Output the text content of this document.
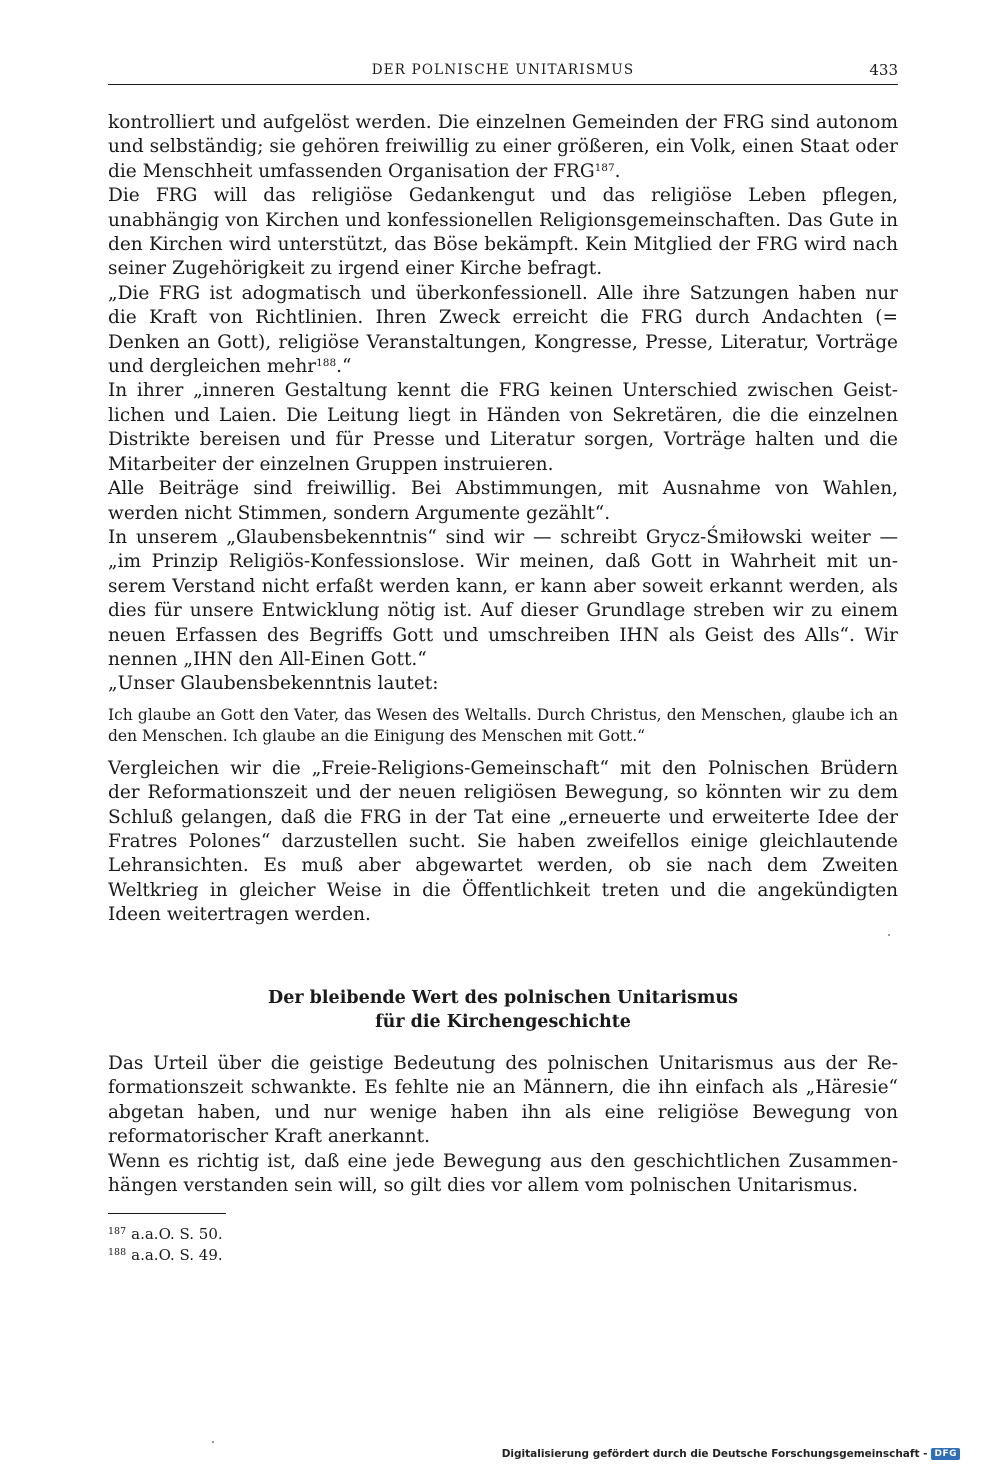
DER POLNISCHE UNITARISMUS	433

kontrolliert und aufgelöst werden. Die einzelnen Gemeinden der FRG sind autonom und selbständig; sie gehören freiwillig zu einer größeren, ein Volk, einen Staat oder die Menschheit umfassenden Organisation der FRG$^{187}$.

Die FRG will das religiöse Gedankengut und das religiöse Leben pflegen, unabhängig von Kirchen und konfessionellen Religionsgemeinschaften. Das Gute in den Kirchen wird unterstützt, das Böse bekämpft. Kein Mitglied der FRG wird nach seiner Zugehörigkeit zu irgend einer Kirche befragt.

„Die FRG ist adogmatisch und überkonfessionell. Alle ihre Satzungen haben nur die Kraft von Richtlinien. Ihren Zweck erreicht die FRG durch Andachten (= Denken an Gott), religiöse Veranstaltungen, Kongresse, Presse, Literatur, Vorträge und dergleichen mehr$^{188}$.“

In ihrer „inneren Gestaltung kennt die FRG keinen Unterschied zwischen Geistlichen und Laien. Die Leitung liegt in Händen von Sekretären, die die einzelnen Distrikte bereisen und für Presse und Literatur sorgen, Vorträge halten und die Mitarbeiter der einzelnen Gruppen instruieren.

Alle Beiträge sind freiwillig. Bei Abstimmungen, mit Ausnahme von Wahlen, werden nicht Stimmen, sondern Argumente gezählt“.

In unserem „Glaubensbekenntnis“ sind wir — schreibt Grycz-Śmiłowski weiter — „im Prinzip Religiös-Konfessionslose. Wir meinen, daß Gott in Wahrheit mit unserem Verstand nicht erfaßt werden kann, er kann aber soweit erkannt werden, als dies für unsere Entwicklung nötig ist. Auf dieser Grundlage streben wir zu einem neuen Erfassen des Begriffs Gott und umschreiben IHN als Geist des Alls“. Wir nennen „IHN den All-Einen Gott.“

„Unser Glaubensbekenntnis lautet:

Ich glaube an Gott den Vater, das Wesen des Weltalls. Durch Christus, den Menschen, glaube ich an den Menschen. Ich glaube an die Einigung des Menschen mit Gott.“

Vergleichen wir die „Freie-Religions-Gemeinschaft“ mit den Polnischen Brüdern der Reformationszeit und der neuen religiösen Bewegung, so könnten wir zu dem Schluß gelangen, daß die FRG in der Tat eine „erneuerte und erweiterte Idee der Fratres Polones“ darzustellen sucht. Sie haben zweifellos einige gleichlautende Lehransichten. Es muß aber abgewartet werden, ob sie nach dem Zweiten Weltkrieg in gleicher Weise in die Öffentlichkeit treten und die angekündigten Ideen weitertragen werden.

Der bleibende Wert des polnischen Unitarismus
für die Kirchengeschichte

Das Urteil über die geistige Bedeutung des polnischen Unitarismus aus der Reformationszeit schwankte. Es fehlte nie an Männern, die ihn einfach als „Häresie“ abgetan haben, und nur wenige haben ihn als eine religiöse Bewegung von reformatorischer Kraft anerkannt.

Wenn es richtig ist, daß eine jede Bewegung aus den geschichtlichen Zusammenhängen verstanden sein will, so gilt dies vor allem vom polnischen Unitarismus.

$^{187}$ a.a.O. S. 50.
$^{188}$ a.a.O. S. 49.
Digitalisierung gefördert durch die Deutsche Forschungsgemeinschaft - DFG
